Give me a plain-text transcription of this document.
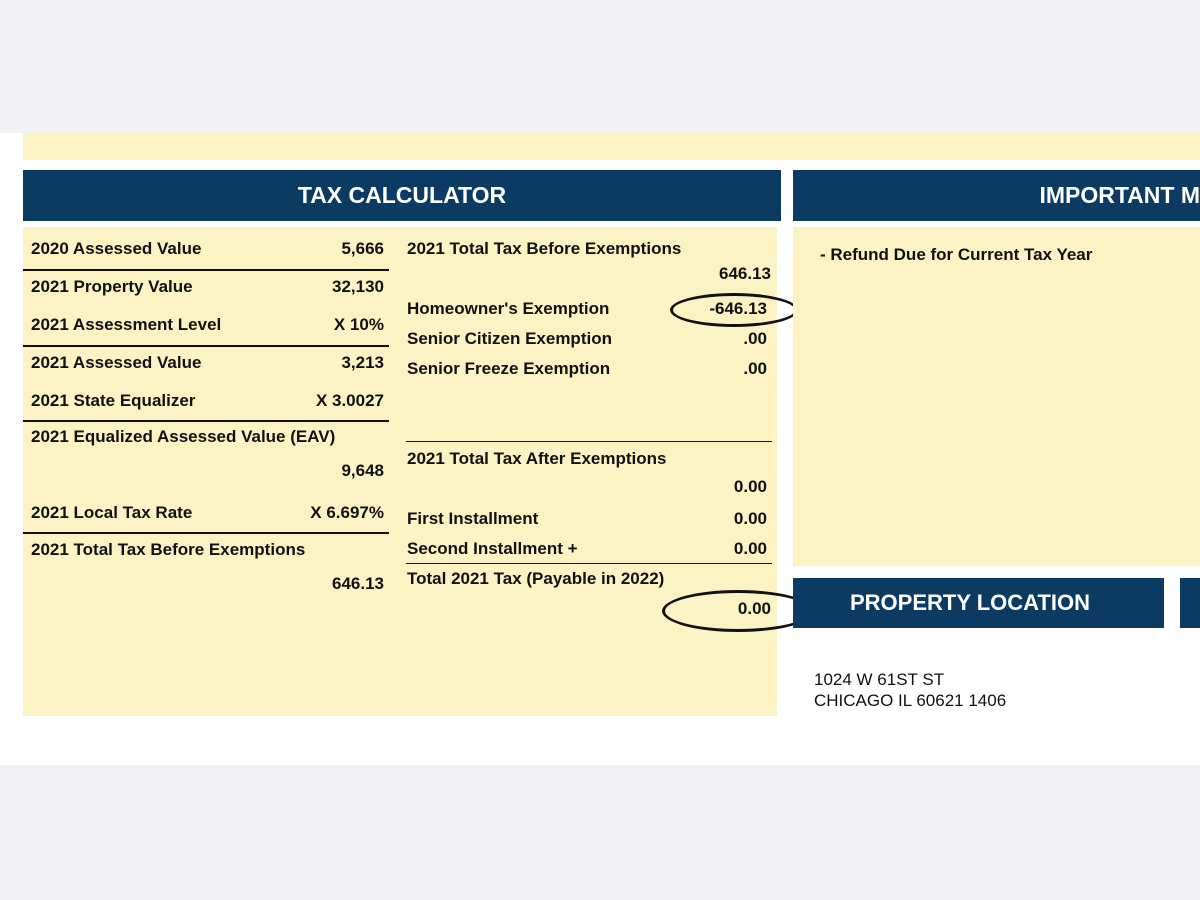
TAX CALCULATOR	IMPORTANT M
2020 Assessed Value	5,666
2021 Property Value	32,130
2021 Assessment Level	X 10%
2021 Assessed Value	3,213
2021 State Equalizer	X 3.0027
2021 Equalized Assessed Value (EAV)
9,648
2021 Local Tax Rate	X 6.697%
2021 Total Tax Before Exemptions
646.13
2021 Total Tax Before Exemptions
646.13
Homeowner's Exemption	-646.13
Senior Citizen Exemption	.00
Senior Freeze Exemption	.00
2021 Total Tax After Exemptions
0.00
First Installment	0.00
Second Installment +	0.00
Total 2021 Tax (Payable in 2022)
0.00
- Refund Due for Current Tax Year
PROPERTY LOCATION
1024 W 61ST ST
CHICAGO IL 60621 1406
